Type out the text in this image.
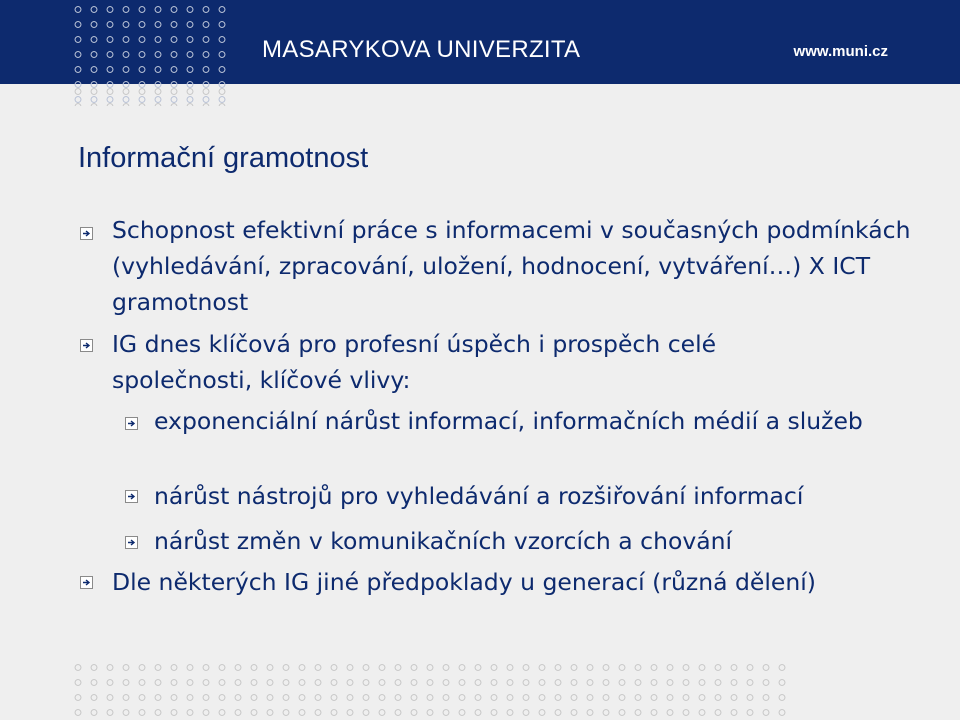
MASARYKOVA UNIVERZITA	www.muni.cz

Informační gramotnost

Schopnost efektivní práce s informacemi v současných podmínkách (vyhledávání, zpracování, uložení, hodnocení, vytváření…) X ICT gramotnost

IG dnes klíčová pro profesní úspěch i prospěch celé společnosti, klíčové vlivy:

exponenciální nárůst informací, informačních médií a služeb

nárůst nástrojů pro vyhledávání a rozšiřování informací

nárůst změn v komunikačních vzorcích a chování

Dle některých IG jiné předpoklady u generací (různá dělení)
